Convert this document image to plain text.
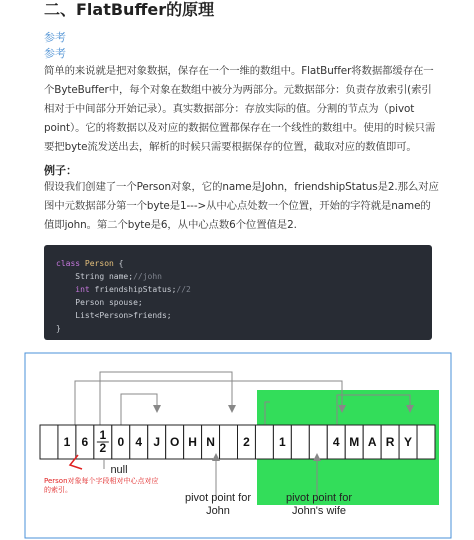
二、FlatBuffer的原理
参考
参考
简单的来说就是把对象数据，保存在一个一维的数组中。FlatBuffer将数据都缓存在一个ByteBuffer中，每个对象在数组中被分为两部分。元数据部分：负责存放索引(索引相对于中间部分开始记录）。真实数据部分：存放实际的值。分割的节点为（pivot point）。它的将数据以及对应的数据位置都保存在一个线性的数组中。使用的时候只需要把byte流发送出去，解析的时候只需要根据保存的位置，截取对应的数值即可。
例子：
假设我们创建了一个Person对象，它的name是John，friendshipStatus是2.那么对应图中元数据部分第一个byte是1--->从中心点处数一个位置，开始的字符就是name的值即john。第二个byte是6，从中心点数6个位置值是2.
class Person {
String name;//john
int friendshipStatus;//2
Person spouse;
List<Person>friends;
}
1 6 1
2 0 4 J O H N 2 1	4 M A R Y
null
Person对象每个字段相对中心点对应的索引。
pivot point for
John
pivot point for
John's wife
